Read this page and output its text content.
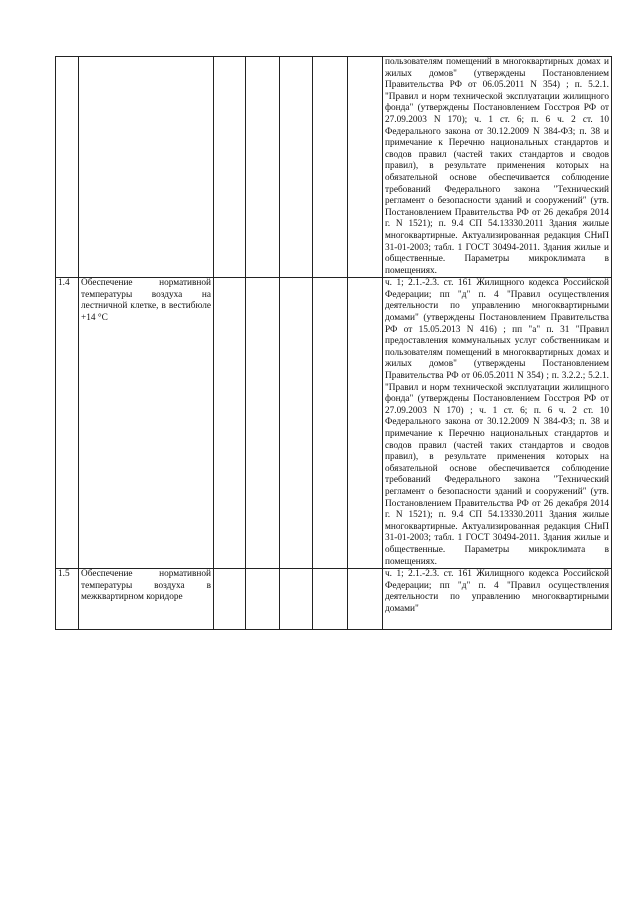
							пользователям помещений в многоквартирных домах и жилых домов" (утверждены Постановлением Правительства РФ от 06.05.2011 N 354) ; п. 5.2.1. "Правил и норм технической эксплуатации жилищного фонда" (утверждены Постановлением Госстроя РФ от 27.09.2003 N 170); ч. 1 ст. 6; п. 6 ч. 2 ст. 10 Федерального закона от 30.12.2009 N 384-ФЗ; п. 38 и примечание к Перечню национальных стандартов и сводов правил (частей таких стандартов и сводов правил), в результате применения которых на обязательной основе обеспечивается соблюдение требований Федерального закона "Технический регламент о безопасности зданий и сооружений" (утв. Постановлением Правительства РФ от 26 декабря 2014 г. N 1521); п. 9.4 СП 54.13330.2011 Здания жилые многоквартирные. Актуализированная редакция СНиП 31-01-2003; табл. 1 ГОСТ 30494-2011. Здания жилые и общественные. Параметры микроклимата в помещениях.
1.4	Обеспечение нормативной температуры воздуха на лестничной клетке, в вестибюле +14 °С						ч. 1; 2.1.-2.3. ст. 161 Жилищного кодекса Российской Федерации; пп "д" п. 4 "Правил осуществления деятельности по управлению многоквартирными домами" (утверждены Постановлением Правительства РФ от 15.05.2013 N 416) ; пп "а" п. 31 "Правил предоставления коммунальных услуг собственникам и пользователям помещений в многоквартирных домах и жилых домов" (утверждены Постановлением Правительства РФ от 06.05.2011 N 354) ; п. 3.2.2.; 5.2.1. "Правил и норм технической эксплуатации жилищного фонда" (утверждены Постановлением Госстроя РФ от 27.09.2003 N 170) ; ч. 1 ст. 6; п. 6 ч. 2 ст. 10 Федерального закона от 30.12.2009 N 384-ФЗ; п. 38 и примечание к Перечню национальных стандартов и сводов правил (частей таких стандартов и сводов правил), в результате применения которых на обязательной основе обеспечивается соблюдение требований Федерального закона "Технический регламент о безопасности зданий и сооружений" (утв. Постановлением Правительства РФ от 26 декабря 2014 г. N 1521); п. 9.4 СП 54.13330.2011 Здания жилые многоквартирные. Актуализированная редакция СНиП 31-01-2003; табл. 1 ГОСТ 30494-2011. Здания жилые и общественные. Параметры микроклимата в помещениях.
1.5	Обеспечение нормативной температуры воздуха в межквартирном коридоре						ч. 1; 2.1.-2.3. ст. 161 Жилищного кодекса Российской Федерации; пп "д" п. 4 "Правил осуществления деятельности по управлению многоквартирными домами"
